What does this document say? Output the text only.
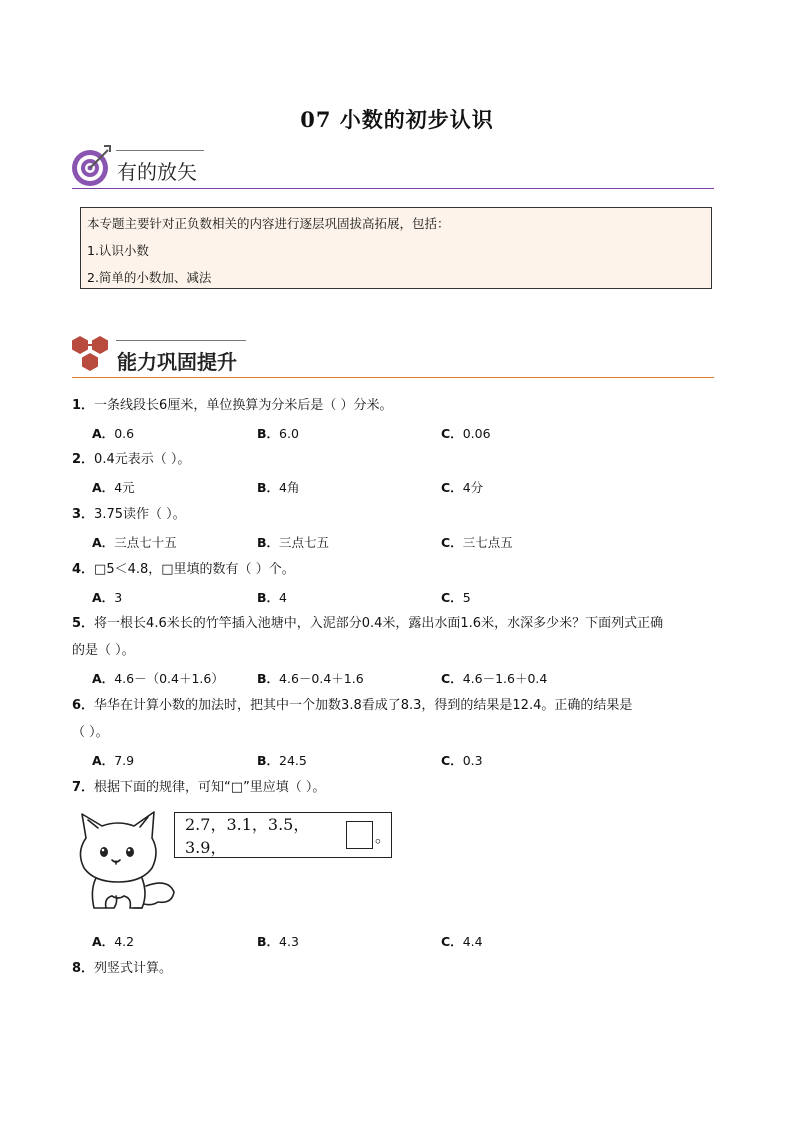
07 小数的初步认识
有的放矢
本专题主要针对正负数相关的内容进行逐层巩固拔高拓展，包括：
1.认识小数
2.简单的小数加、减法
能力巩固提升
1．一条线段长6厘米，单位换算为分米后是（ ）分米。
A．0.6	B．6.0	C．0.06
2．0.4元表示（ ）。
A．4元	B．4角	C．4分
3．3.75读作（ ）。
A．三点七十五	B．三点七五	C．三七点五
4．□5＜4.8，□里填的数有（ ）个。
A．3	B．4	C．5
5．将一根长4.6米长的竹竿插入池塘中，入泥部分0.4米，露出水面1.6米，水深多少米？下面列式正确
的是（ ）。
A．4.6－（0.4＋1.6）	B．4.6－0.4＋1.6	C．4.6－1.6＋0.4
6．华华在计算小数的加法时，把其中一个加数3.8看成了8.3，得到的结果是12.4。正确的结果是
（ ）。
A．7.9	B．24.5	C．0.3
7．根据下面的规律，可知“□”里应填（ ）。
2.7，3.1，3.5，3.9，
。
A．4.2	B．4.3	C．4.4
8．列竖式计算。
